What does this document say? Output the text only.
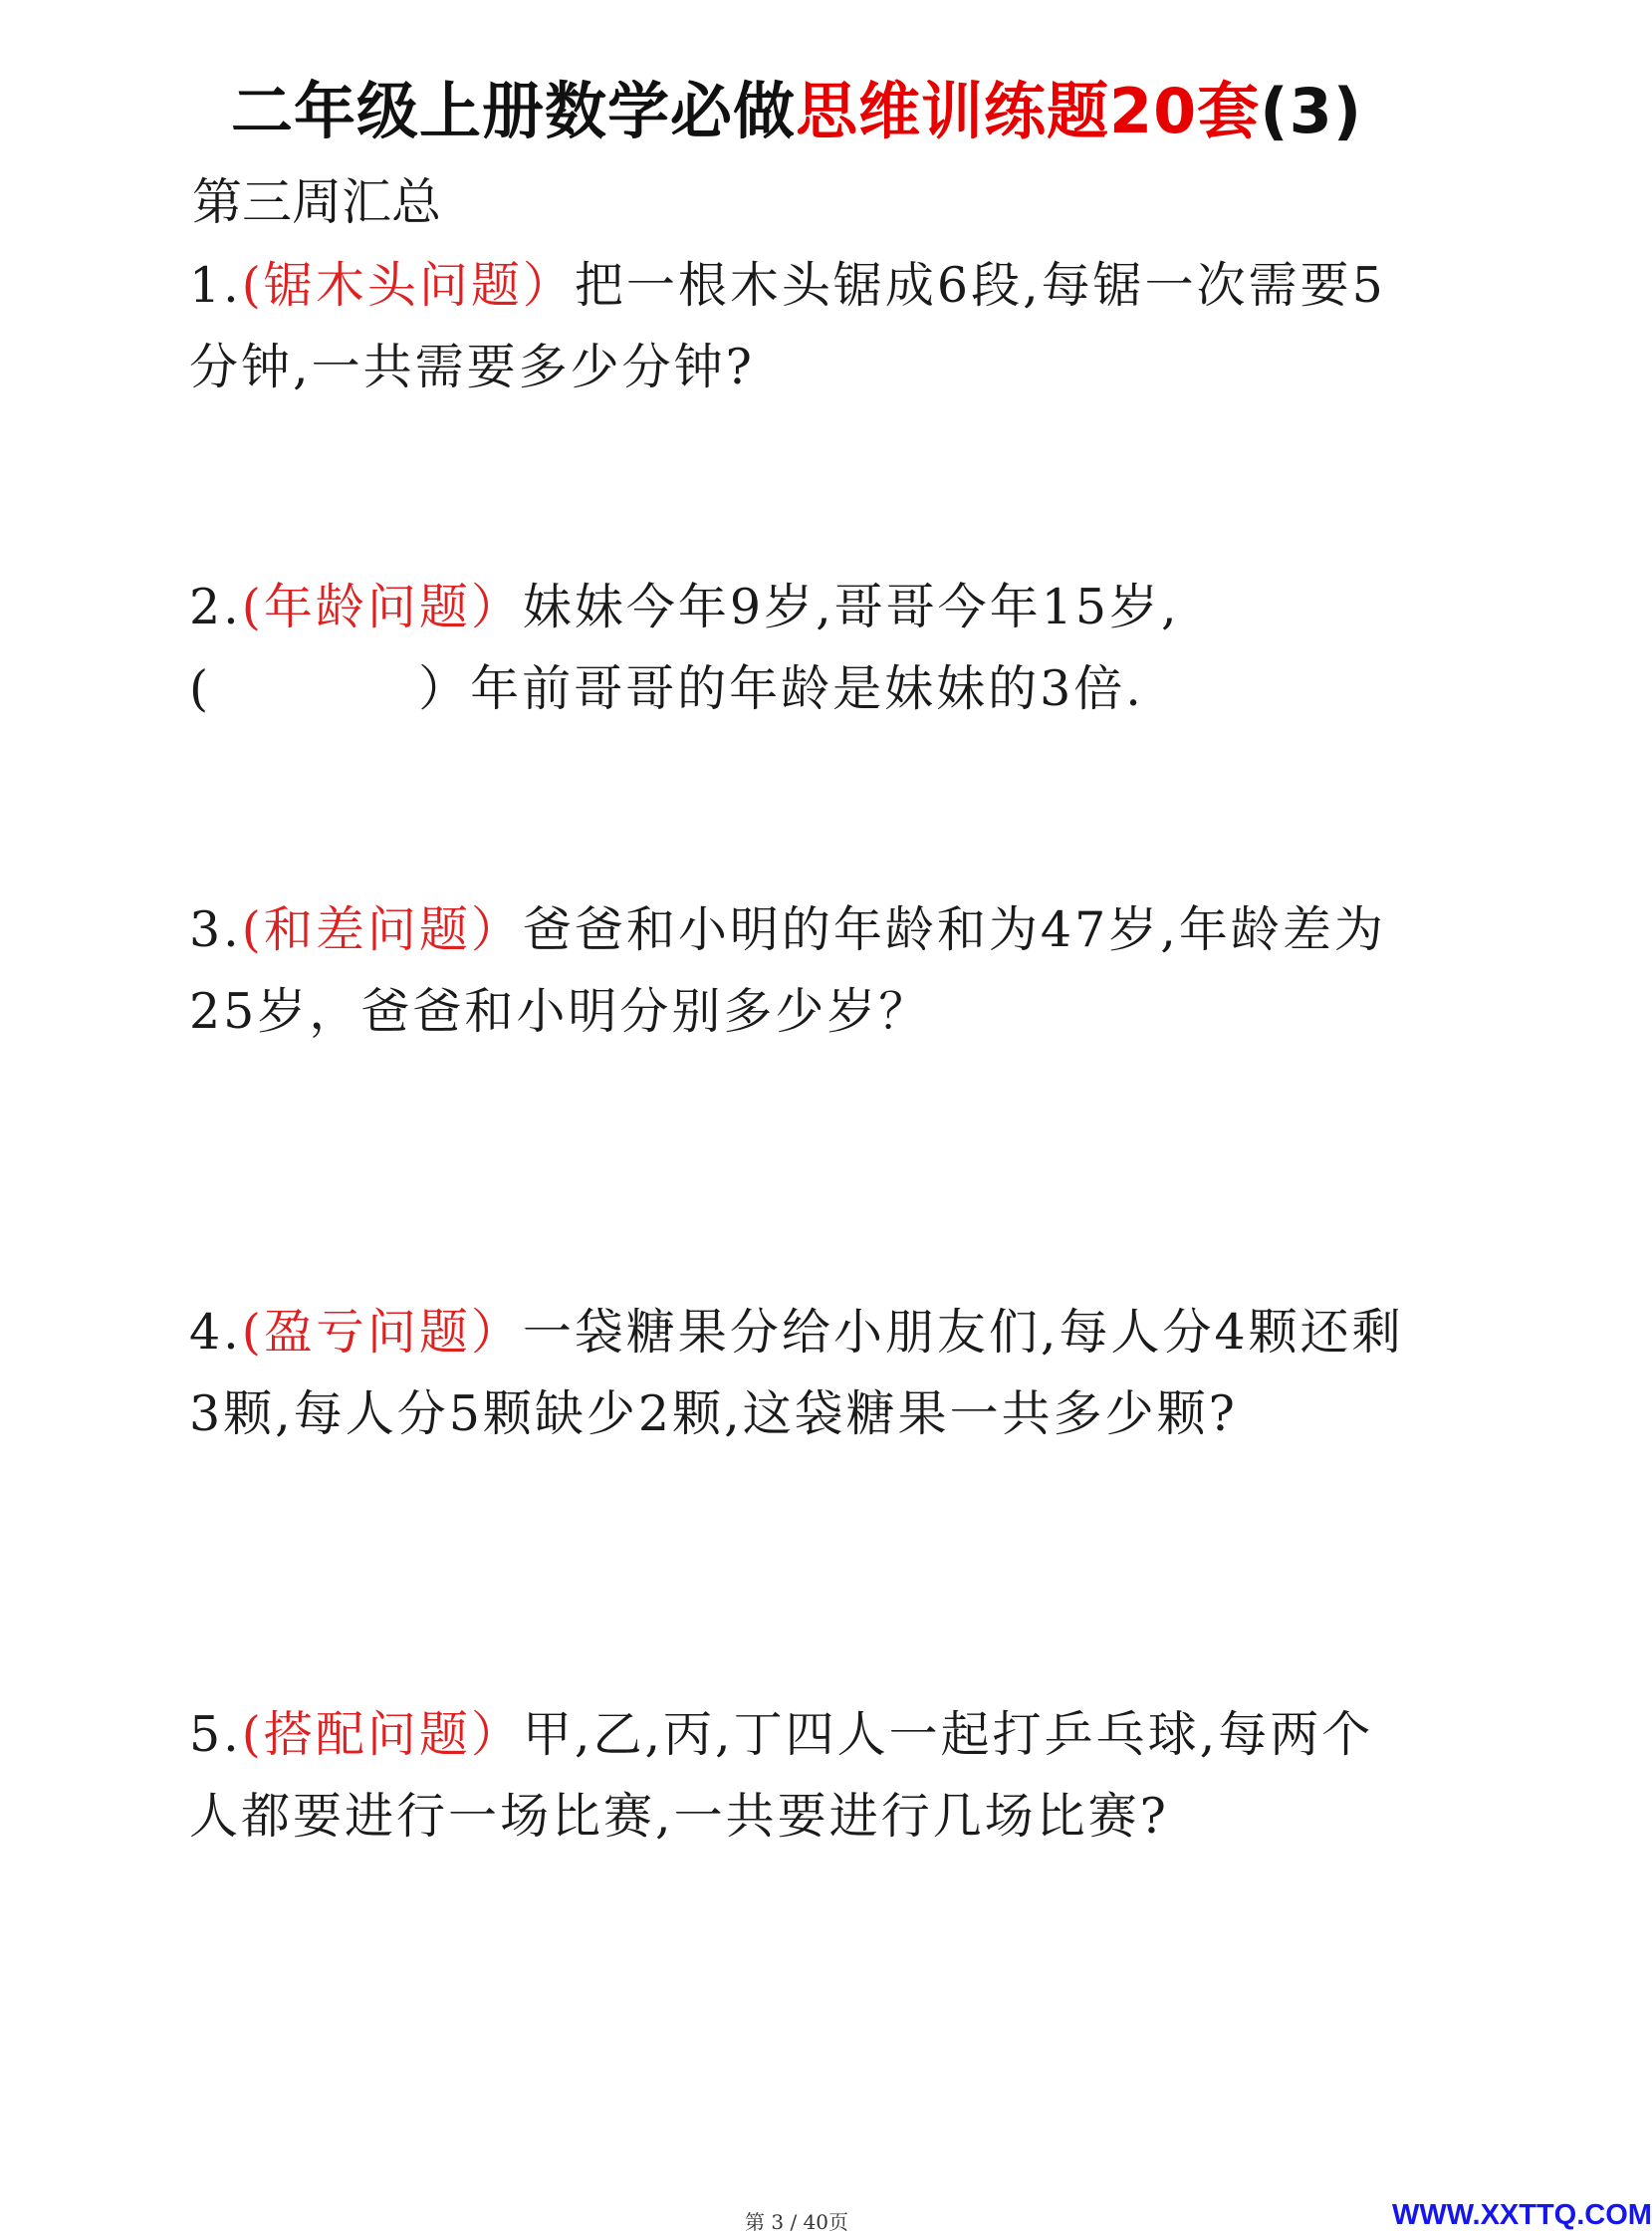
二年级上册数学必做思维训练题20套(3)
第三周汇总
1.(锯木头问题）把一根木头锯成6段,每锯一次需要5分钟,一共需要多少分钟?
2.(年龄问题）妹妹今年9岁,哥哥今年15岁,(　　　　）年前哥哥的年龄是妹妹的3倍.
3.(和差问题）爸爸和小明的年龄和为47岁,年龄差为25岁，爸爸和小明分别多少岁？
4.(盈亏问题）一袋糖果分给小朋友们,每人分4颗还剩3颗,每人分5颗缺少2颗,这袋糖果一共多少颗?
5.(搭配问题）甲,乙,丙,丁四人一起打乒乓球,每两个人都要进行一场比赛,一共要进行几场比赛?
第 3 / 40页	WWW.XXTTQ.COM
